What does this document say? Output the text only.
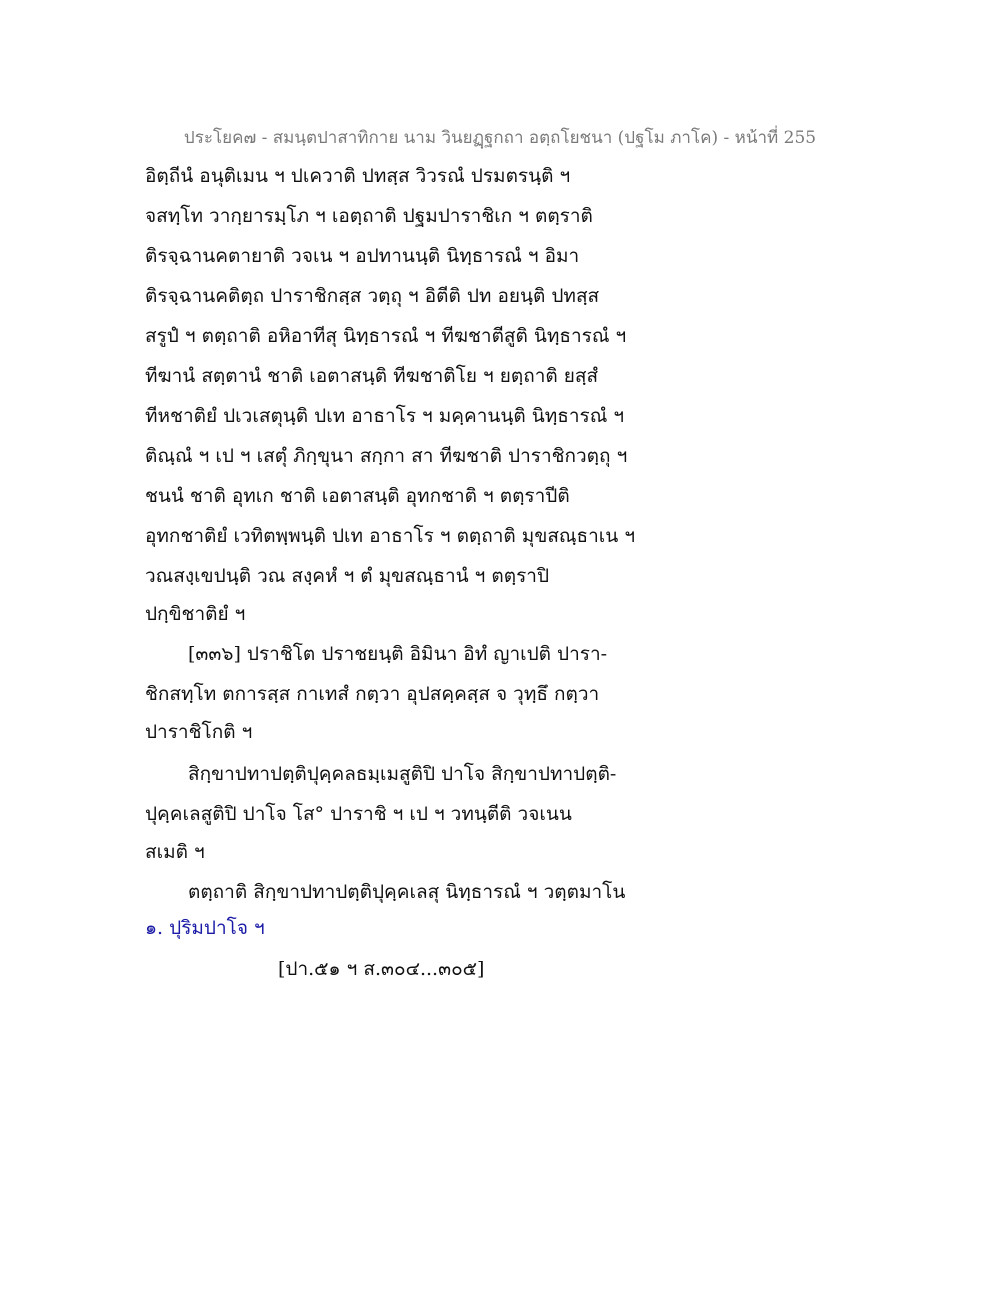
ประโยค๗ - สมนฺตปาสาทิกาย นาม วินยฏฺฐกถา อตฺถโยชนา (ปฐโม ภาโค) - หน้าที่ 255
อิตฺถีนํ อนุติเมน ฯ ปเควาติ ปทสฺส วิวรณํ ปรมตรนฺติ ฯ
จสทฺโท วากฺยารมฺโภ ฯ เอตฺถาติ ปฐมปาราชิเก ฯ ตตฺราติ
ติรจฺฉานคตายาติ วจเน ฯ อปทานนฺติ นิทฺธารณํ ฯ อิมา
ติรจฺฉานคติตฺถ ปาราชิกสฺส วตฺถุ ฯ อิตีติ ปท อยนฺติ ปทสฺส
สรูปํ ฯ ตตฺถาติ อหิอาทีสุ นิทฺธารณํ ฯ ทีฆชาตีสูติ นิทฺธารณํ ฯ
ทีฆานํ สตฺตานํ ชาติ เอตาสนฺติ ทีฆชาติโย ฯ ยตฺถาติ ยสฺสํ
ทีหชาติยํ ปเวเสตุนฺติ ปเท อาธาโร ฯ มคฺคานนฺติ นิทฺธารณํ ฯ
ติณฺณํ ฯ เป ฯ เสตุํ ภิกฺขุนา สกฺกา สา ทีฆชาติ ปาราชิกวตฺถุ ฯ
ชนนํ ชาติ อุทเก ชาติ เอตาสนฺติ อุทกชาติ ฯ ตตฺราปีติ
อุทกชาติยํ เวทิตพฺพนฺติ ปเท อาธาโร ฯ ตตฺถาติ มุขสณฺธาเน ฯ
วณสงฺเขปนฺติ วณ สงฺคหํ ฯ ตํ มุขสณฺธานํ ฯ ตตฺราปิ
ปกฺขิชาติยํ ฯ
[๓๓๖] ปราชิโต ปราชยนฺติ อิมินา อิทํ ญาเปติ ปารา-
ชิกสทฺโท ตการสฺส กาเทสํ กตฺวา อุปสคฺคสฺส จ วุทฺธึ กตฺวา
ปาราชิโกติ ฯ
สิกฺขาปทาปตฺติปุคฺคลธมฺเมสูติปิ ปาโจ สิกฺขาปทาปตฺติ-
ปุคฺคเลสูติปิ ปาโจ โส° ปาราชิ ฯ เป ฯ วทนฺตีติ วจเนน
สเมติ ฯ
ตตฺถาติ สิกฺขาปทาปตฺติปุคฺคเลสุ นิทฺธารณํ ฯ วตฺตมาโน
๑. ปุริมปาโจ ฯ
[ปา.๕๑ ฯ ส.๓๐๔...๓๐๕]
